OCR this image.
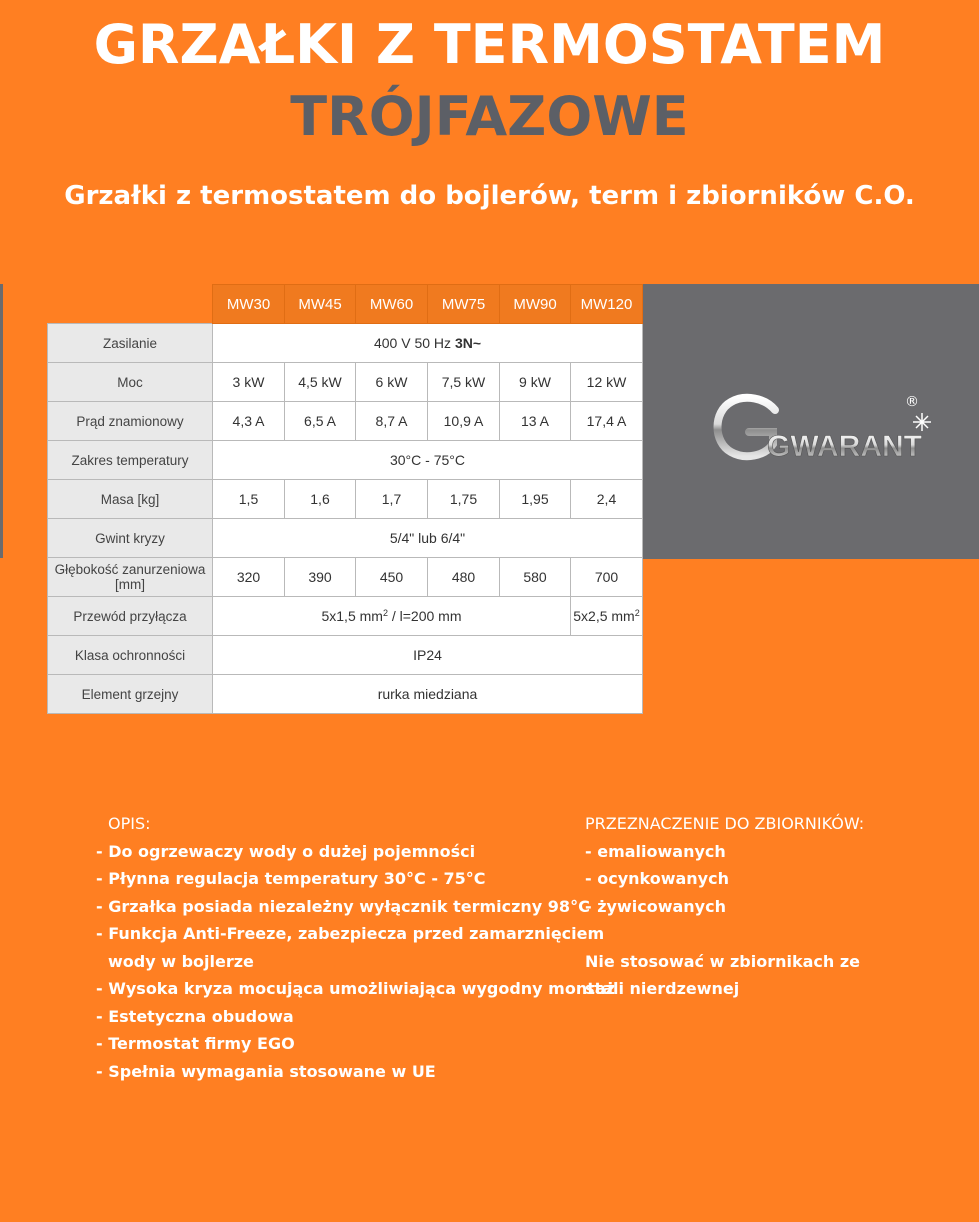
GRZAŁKI Z TERMOSTATEM
TRÓJFAZOWE
Grzałki z termostatem do bojlerów, term i zbiorników C.O.
GWARANT
®
	MW30	MW45	MW60	MW75	MW90	MW120
Zasilanie	400 V 50 Hz 3N~					
Moc	3 kW	4,5 kW	6 kW	7,5 kW	9 kW	12 kW
Prąd znamionowy	4,3 A	6,5 A	8,7 A	10,9 A	13 A	17,4 A
Zakres temperatury	30°C - 75°C					
Masa [kg]	1,5	1,6	1,7	1,75	1,95	2,4
Gwint kryzy	5/4" lub 6/4"					
Głębokość zanurzeniowa
[mm]	320	390	450	480	580	700
Przewód przyłącza	5x1,5 $mm^2 / l=200$ mm					5x2,5 $mm^2$
Klasa ochronności	IP24					
Element grzejny	rurka miedziana					
OPIS:
- Do ogrzewaczy wody o dużej pojemności
- Płynna regulacja temperatury 30°C - 75°C
- Grzałka posiada niezależny wyłącznik termiczny 98°C
- Funkcja Anti-Freeze, zabezpiecza przed zamarznięciem
wody w bojlerze
- Wysoka kryza mocująca umożliwiająca wygodny montaż
- Estetyczna obudowa
- Termostat firmy EGO
- Spełnia wymagania stosowane w UE
PRZEZNACZENIE DO ZBIORNIKÓW:
- emaliowanych
- ocynkowanych
- żywicowanych
Nie stosować w zbiornikach ze
stali nierdzewnej
